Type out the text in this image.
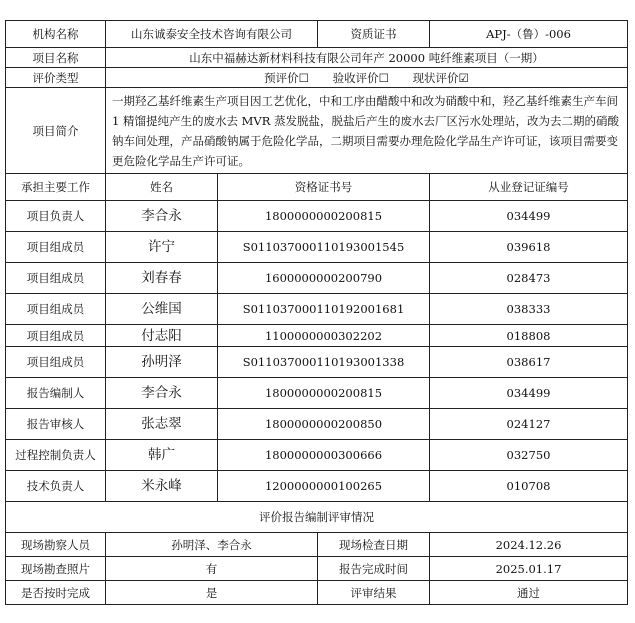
机构名称	山东诚泰安全技术咨询有限公司		资质证书	APJ-（鲁）-006
项目名称	山东中福赫达新材料科技有限公司年产 20000 吨纤维素项目（一期）			
评价类型	预评价☐ 验收评价☐ 现状评价☑			
项目简介	一期羟乙基纤维素生产项目因工艺优化，中和工序由醋酸中和改为硝酸中和，羟乙基纤维素生产车间 1 精馏提纯产生的废水去 MVR 蒸发脱盐，脱盐后产生的废水去厂区污水处理站，改为去二期的硝酸钠车间处理，产品硝酸钠属于危险化学品，二期项目需要办理危险化学品生产许可证，该项目需要变更危险化学品生产许可证。			
承担主要工作	姓名	资格证书号		从业登记证编号
项目负责人	李合永	1800000000200815		034499
项目组成员	许宁	S011037000110193001545		039618
项目组成员	刘春春	1600000000200790		028473
项目组成员	公维国	S011037000110192001681		038333
项目组成员	付志阳	1100000000302202		018808
项目组成员	孙明泽	S011037000110193001338		038617
报告编制人	李合永	1800000000200815		034499
报告审核人	张志翠	1800000000200850		024127
过程控制负责人	韩广	1800000000300666		032750
技术负责人	米永峰	1200000000100265		010708
评价报告编制评审情况				
现场勘察人员	孙明泽、李合永		现场检查日期	2024.12.26
现场勘查照片	有		报告完成时间	2025.01.17
是否按时完成	是		评审结果	通过
